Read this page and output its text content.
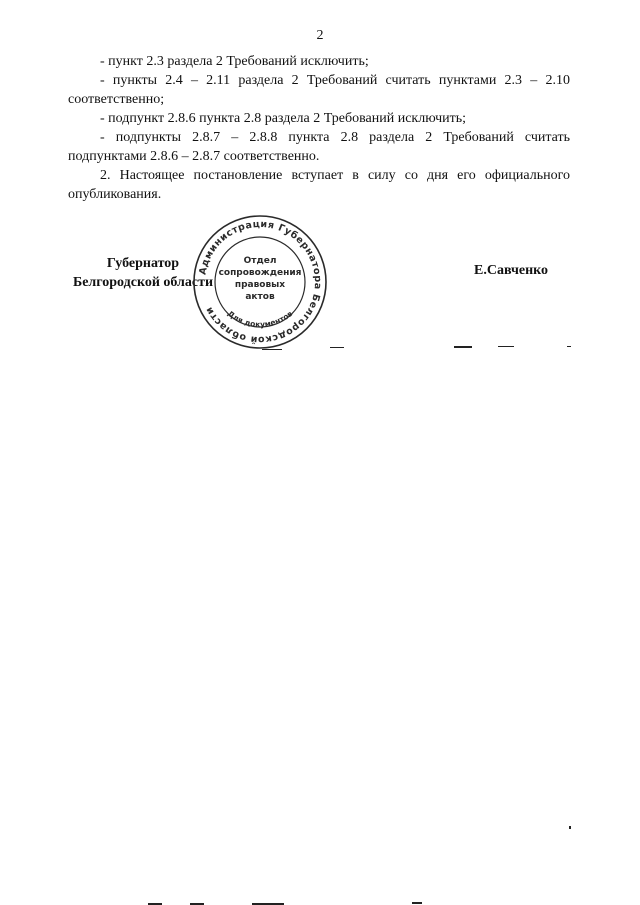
2

- пункт 2.3 раздела 2 Требований исключить;

- пункты 2.4 – 2.11 раздела 2 Требований считать пунктами 2.3 – 2.10 соответственно;

- подпункт 2.8.6 пункта 2.8 раздела 2 Требований исключить;

- подпункты 2.8.7 – 2.8.8 пункта 2.8 раздела 2 Требований считать подпунктами 2.8.6 – 2.8.7 соответственно.

2. Настоящее постановление вступает в силу со дня его официального опубликования.

Губернатор
Белгородской области
Е.Савченко
Администрация Губернатора Белгородской области	Для документов
Отдел
сопровождения
правовых
актов
